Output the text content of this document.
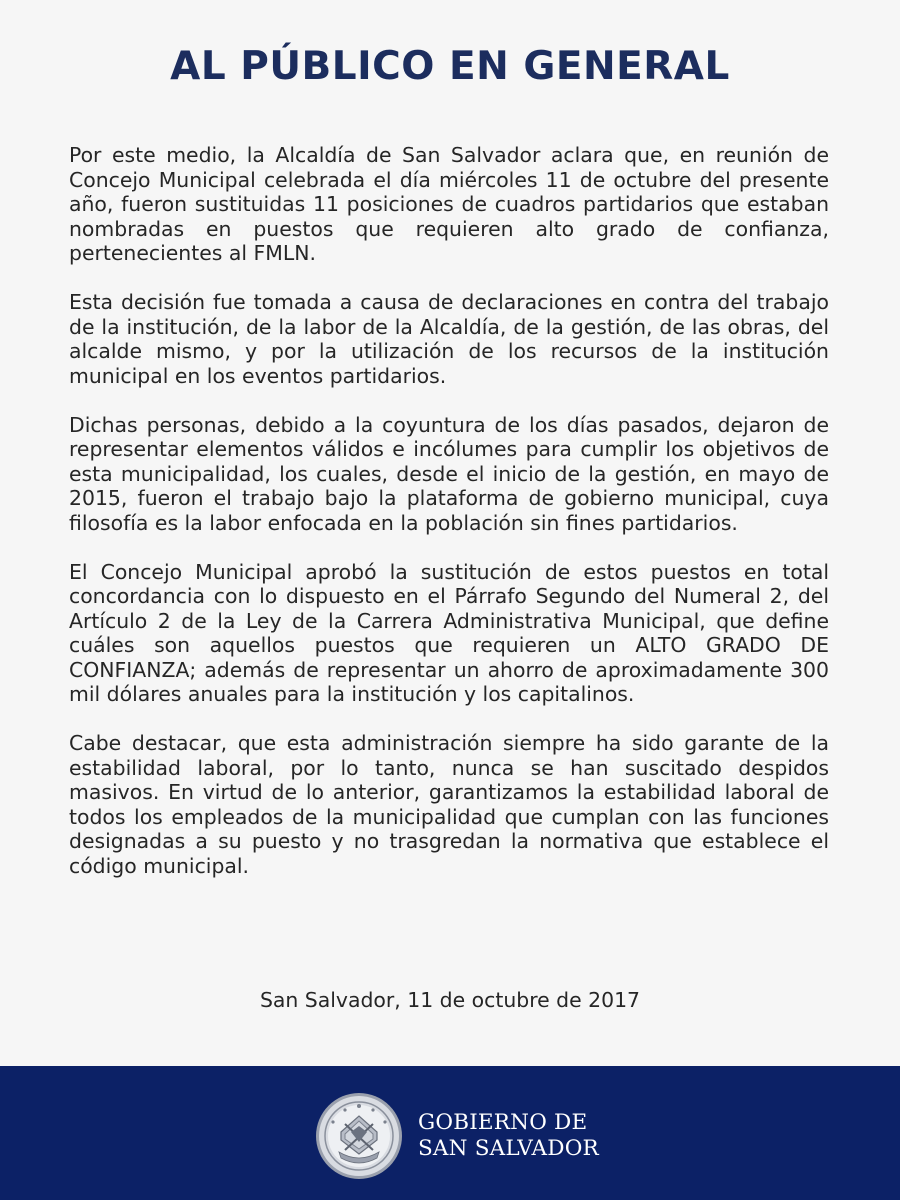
AL PÚBLICO EN GENERAL

Por este medio, la Alcaldía de San Salvador aclara que, en reunión de Concejo Municipal celebrada el día miércoles 11 de octubre del presente año, fueron sustituidas 11 posiciones de cuadros partidarios que estaban nombradas en puestos que requieren alto grado de confianza, pertenecientes al FMLN.

Esta decisión fue tomada a causa de declaraciones en contra del trabajo de la institución, de la labor de la Alcaldía, de la gestión, de las obras, del alcalde mismo, y por la utilización de los recursos de la institución municipal en los eventos partidarios.

Dichas personas, debido a la coyuntura de los días pasados, dejaron de representar elementos válidos e incólumes para cumplir los objetivos de esta municipalidad, los cuales, desde el inicio de la gestión, en mayo de 2015, fueron el trabajo bajo la plataforma de gobierno municipal, cuya filosofía es la labor enfocada en la población sin fines partidarios.

El Concejo Municipal aprobó la sustitución de estos puestos en total concordancia con lo dispuesto en el Párrafo Segundo del Numeral 2, del Artículo 2 de la Ley de la Carrera Administrativa Municipal, que define cuáles son aquellos puestos que requieren un ALTO GRADO DE CONFIANZA; además de representar un ahorro de aproximadamente 300 mil dólares anuales para la institución y los capitalinos.

Cabe destacar, que esta administración siempre ha sido garante de la estabilidad laboral, por lo tanto, nunca se han suscitado despidos masivos. En virtud de lo anterior, garantizamos la estabilidad laboral de todos los empleados de la municipalidad que cumplan con las funciones designadas a su puesto y no trasgredan la normativa que establece el código municipal.

San Salvador, 11 de octubre de 2017
GOBIERNO DE
SAN SALVADOR
